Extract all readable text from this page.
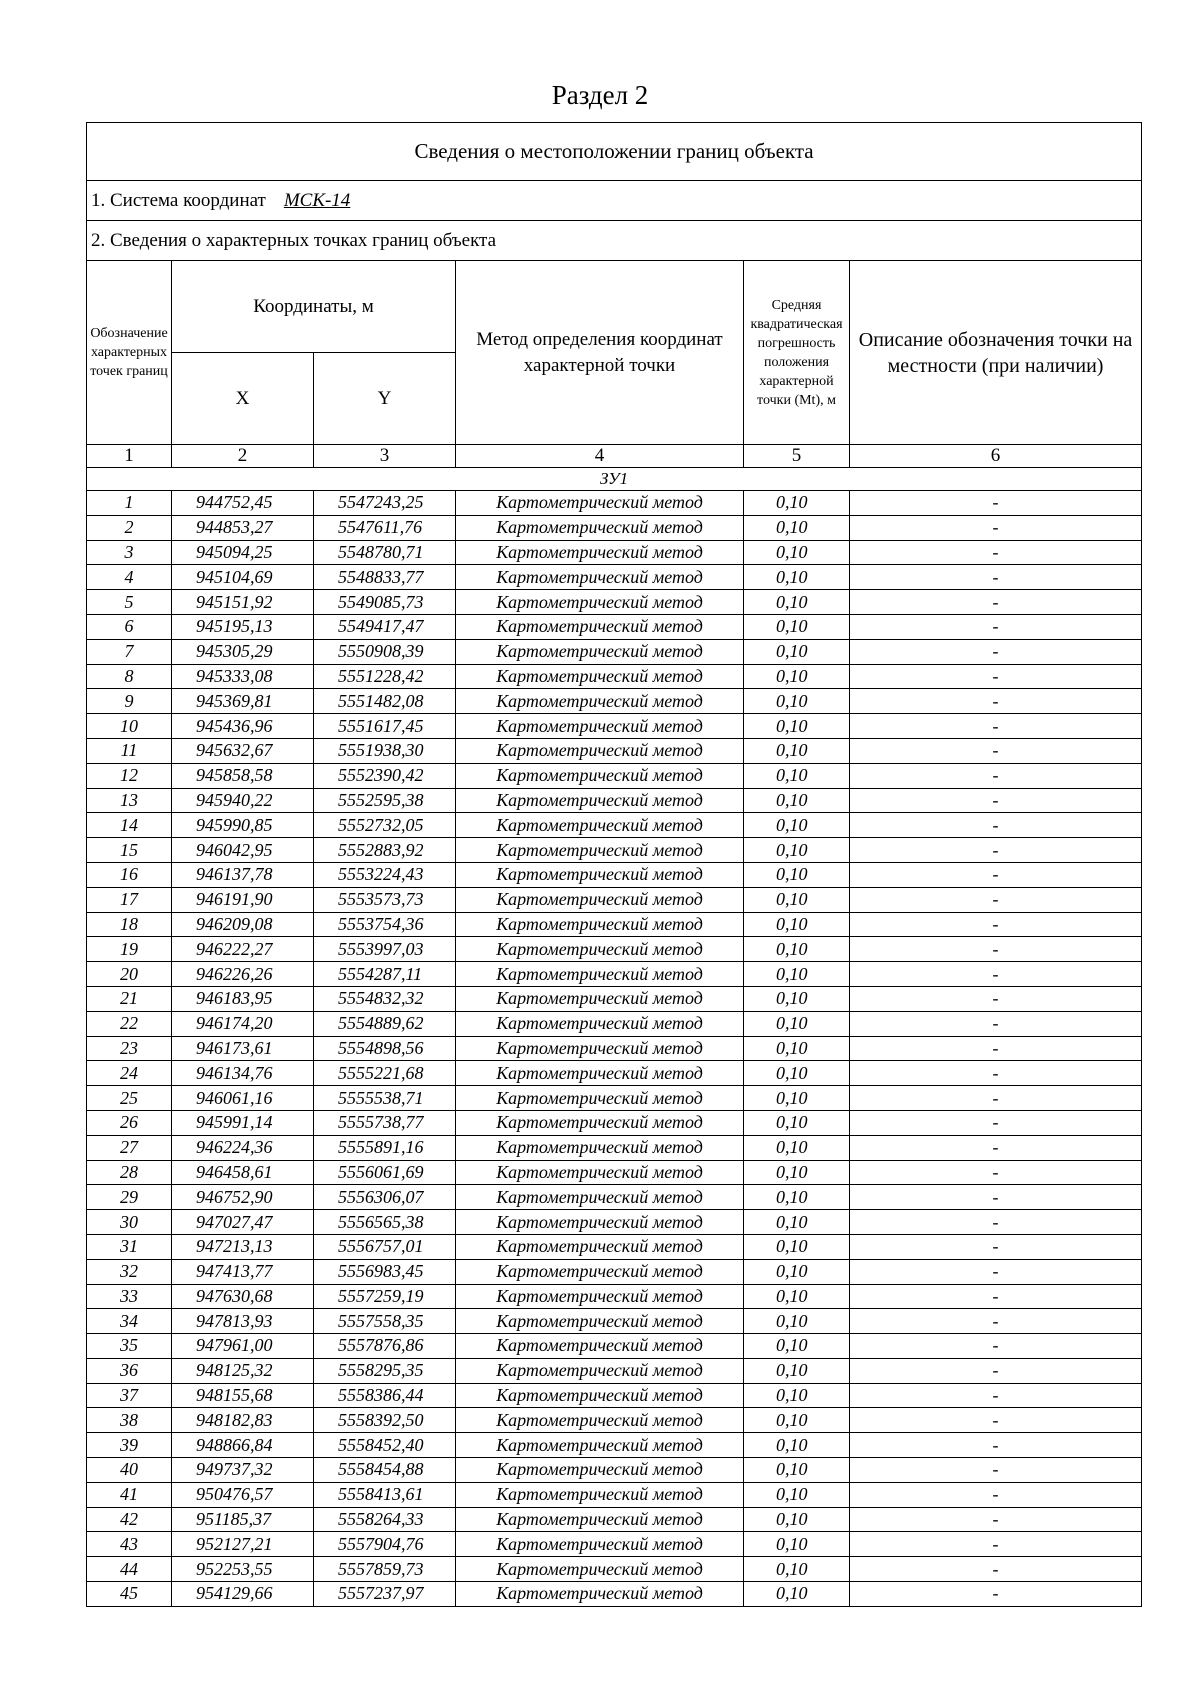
Раздел 2
Сведения о местоположении границ объекта					
1. Система координат МСК-14					
2. Сведения о характерных точках границ объекта					
Обозначение характерных точек границ	Координаты, м		Метод определения координат характерной точки	Средняя квадратическая погрешность положения характерной точки (Mt), м	Описание обозначения точки на местности (при наличии)
	X	Y			
1	2	3	4	5	6
ЗУ1					
1	944752,45	5547243,25	Картометрический метод	0,10	-
2	944853,27	5547611,76	Картометрический метод	0,10	-
3	945094,25	5548780,71	Картометрический метод	0,10	-
4	945104,69	5548833,77	Картометрический метод	0,10	-
5	945151,92	5549085,73	Картометрический метод	0,10	-
6	945195,13	5549417,47	Картометрический метод	0,10	-
7	945305,29	5550908,39	Картометрический метод	0,10	-
8	945333,08	5551228,42	Картометрический метод	0,10	-
9	945369,81	5551482,08	Картометрический метод	0,10	-
10	945436,96	5551617,45	Картометрический метод	0,10	-
11	945632,67	5551938,30	Картометрический метод	0,10	-
12	945858,58	5552390,42	Картометрический метод	0,10	-
13	945940,22	5552595,38	Картометрический метод	0,10	-
14	945990,85	5552732,05	Картометрический метод	0,10	-
15	946042,95	5552883,92	Картометрический метод	0,10	-
16	946137,78	5553224,43	Картометрический метод	0,10	-
17	946191,90	5553573,73	Картометрический метод	0,10	-
18	946209,08	5553754,36	Картометрический метод	0,10	-
19	946222,27	5553997,03	Картометрический метод	0,10	-
20	946226,26	5554287,11	Картометрический метод	0,10	-
21	946183,95	5554832,32	Картометрический метод	0,10	-
22	946174,20	5554889,62	Картометрический метод	0,10	-
23	946173,61	5554898,56	Картометрический метод	0,10	-
24	946134,76	5555221,68	Картометрический метод	0,10	-
25	946061,16	5555538,71	Картометрический метод	0,10	-
26	945991,14	5555738,77	Картометрический метод	0,10	-
27	946224,36	5555891,16	Картометрический метод	0,10	-
28	946458,61	5556061,69	Картометрический метод	0,10	-
29	946752,90	5556306,07	Картометрический метод	0,10	-
30	947027,47	5556565,38	Картометрический метод	0,10	-
31	947213,13	5556757,01	Картометрический метод	0,10	-
32	947413,77	5556983,45	Картометрический метод	0,10	-
33	947630,68	5557259,19	Картометрический метод	0,10	-
34	947813,93	5557558,35	Картометрический метод	0,10	-
35	947961,00	5557876,86	Картометрический метод	0,10	-
36	948125,32	5558295,35	Картометрический метод	0,10	-
37	948155,68	5558386,44	Картометрический метод	0,10	-
38	948182,83	5558392,50	Картометрический метод	0,10	-
39	948866,84	5558452,40	Картометрический метод	0,10	-
40	949737,32	5558454,88	Картометрический метод	0,10	-
41	950476,57	5558413,61	Картометрический метод	0,10	-
42	951185,37	5558264,33	Картометрический метод	0,10	-
43	952127,21	5557904,76	Картометрический метод	0,10	-
44	952253,55	5557859,73	Картометрический метод	0,10	-
45	954129,66	5557237,97	Картометрический метод	0,10	-
